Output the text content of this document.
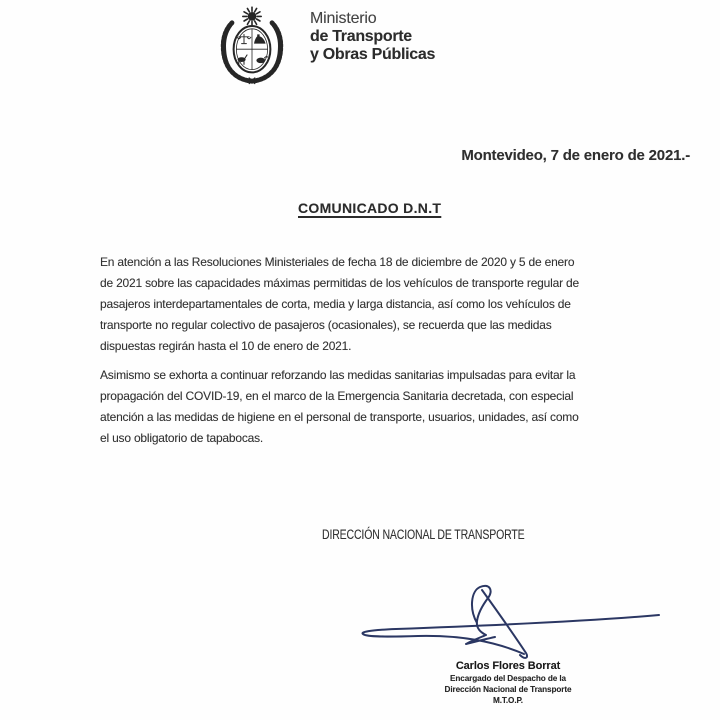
Ministerio
de Transporte
y Obras Públicas
Montevideo, 7 de enero de 2021.-
COMUNICADO D.N.T
En atención a las Resoluciones Ministeriales de fecha 18 de diciembre de 2020 y 5 de enero
de 2021 sobre las capacidades máximas permitidas de los vehículos de transporte regular de
pasajeros interdepartamentales de corta, media y larga distancia, así como los vehículos de
transporte no regular colectivo de pasajeros (ocasionales), se recuerda que las medidas
dispuestas regirán hasta el 10 de enero de 2021.
Asimismo se exhorta a continuar reforzando las medidas sanitarias impulsadas para evitar la
propagación del COVID-19, en el marco de la Emergencia Sanitaria decretada, con especial
atención a las medidas de higiene en el personal de transporte, usuarios, unidades, así como
el uso obligatorio de tapabocas.
DIRECCIÓN NACIONAL DE TRANSPORTE
Carlos Flores Borrat
Encargado del Despacho de la
Dirección Nacional de Transporte
M.T.O.P.
